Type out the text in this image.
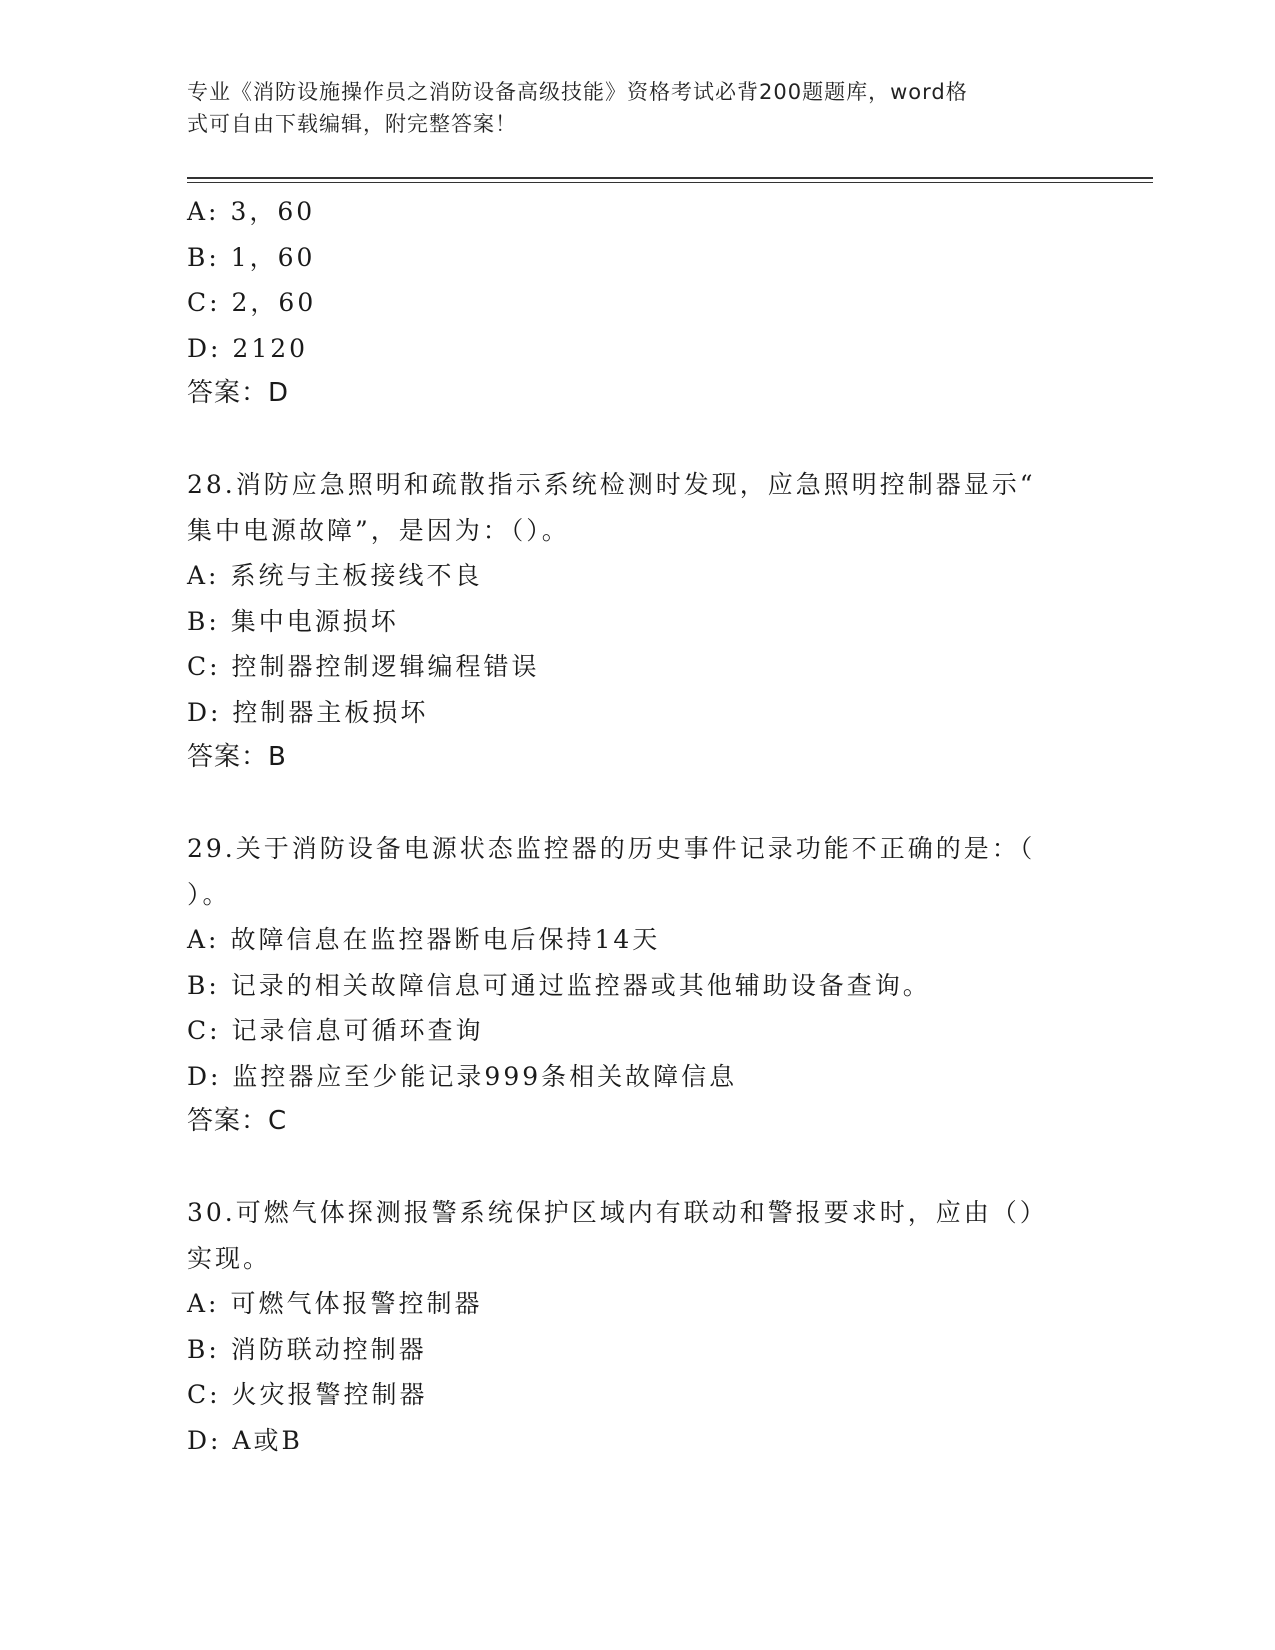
专业《消防设施操作员之消防设备高级技能》资格考试必背200题题库，word格
式可自由下载编辑，附完整答案！
A: 3，60
B: 1，60
C: 2，60
D: 2120
答案：D
28.消防应急照明和疏散指示系统检测时发现，应急照明控制器显示“
集中电源故障”，是因为：（）。
A: 系统与主板接线不良
B: 集中电源损坏
C: 控制器控制逻辑编程错误
D: 控制器主板损坏
答案：B
29.关于消防设备电源状态监控器的历史事件记录功能不正确的是：（
）。
A: 故障信息在监控器断电后保持14天
B: 记录的相关故障信息可通过监控器或其他辅助设备查询。
C: 记录信息可循环查询
D: 监控器应至少能记录999条相关故障信息
答案：C
30.可燃气体探测报警系统保护区域内有联动和警报要求时，应由（）
实现。
A: 可燃气体报警控制器
B: 消防联动控制器
C: 火灾报警控制器
D: A或B
